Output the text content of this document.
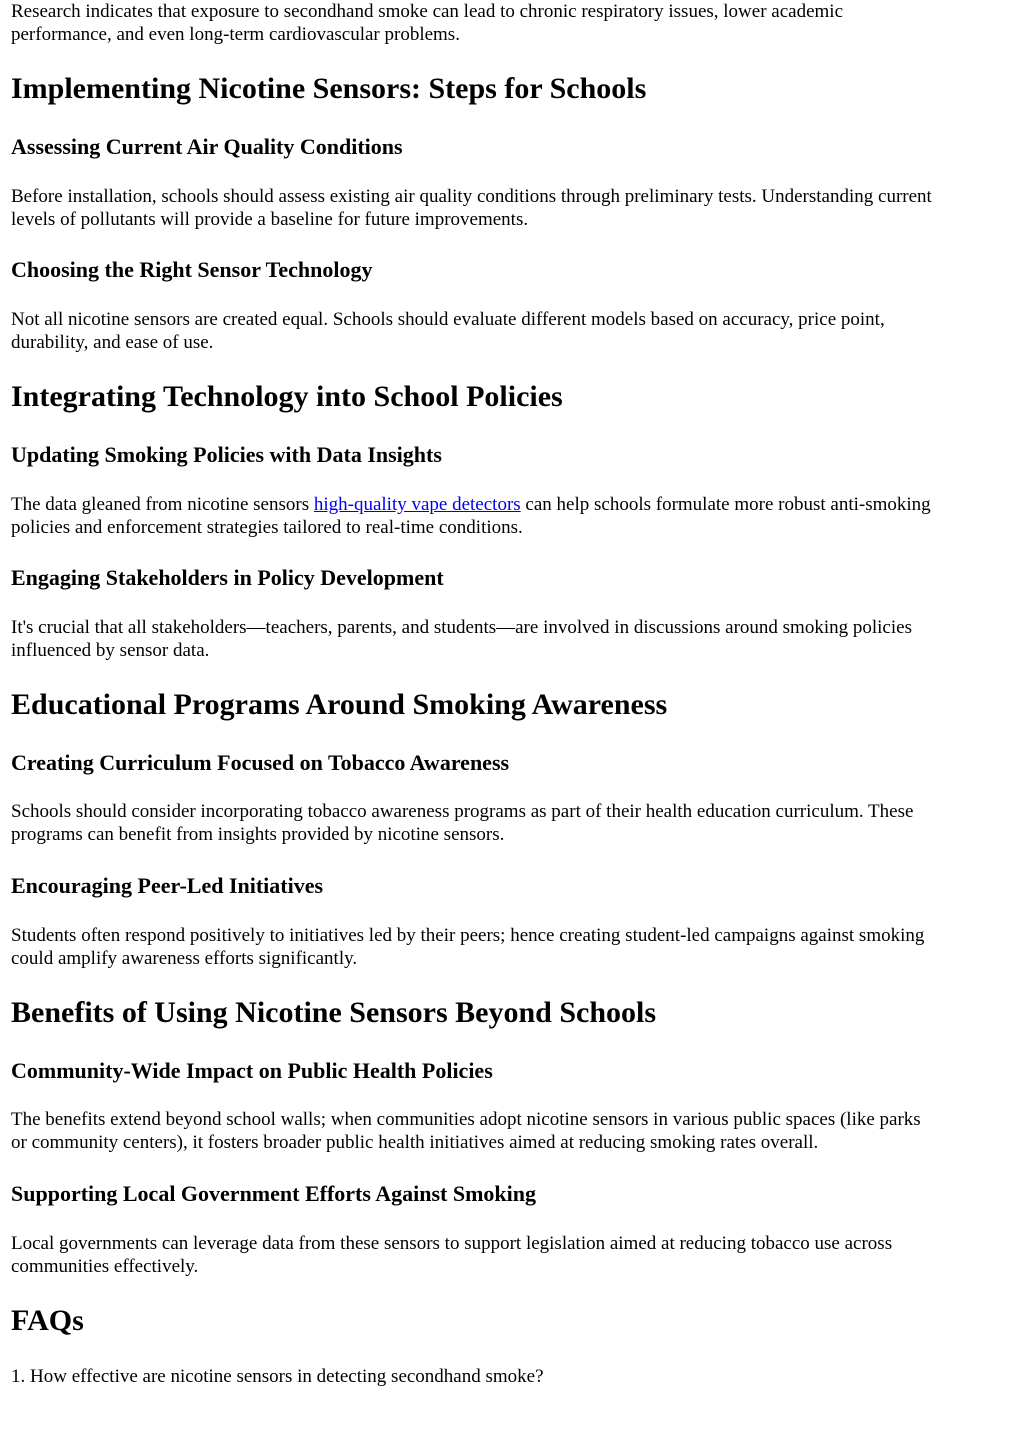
Research indicates that exposure to secondhand smoke can lead to chronic respiratory issues, lower academic
performance, and even long-term cardiovascular problems.

Implementing Nicotine Sensors: Steps for Schools
Assessing Current Air Quality Conditions

Before installation, schools should assess existing air quality conditions through preliminary tests. Understanding current
levels of pollutants will provide a baseline for future improvements.

Choosing the Right Sensor Technology

Not all nicotine sensors are created equal. Schools should evaluate different models based on accuracy, price point,
durability, and ease of use.

Integrating Technology into School Policies
Updating Smoking Policies with Data Insights

The data gleaned from nicotine sensors high-quality vape detectors can help schools formulate more robust anti-smoking
policies and enforcement strategies tailored to real-time conditions.

Engaging Stakeholders in Policy Development

It's crucial that all stakeholders—teachers, parents, and students—are involved in discussions around smoking policies
influenced by sensor data.

Educational Programs Around Smoking Awareness
Creating Curriculum Focused on Tobacco Awareness

Schools should consider incorporating tobacco awareness programs as part of their health education curriculum. These
programs can benefit from insights provided by nicotine sensors.

Encouraging Peer-Led Initiatives

Students often respond positively to initiatives led by their peers; hence creating student-led campaigns against smoking
could amplify awareness efforts significantly.

Benefits of Using Nicotine Sensors Beyond Schools
Community-Wide Impact on Public Health Policies

The benefits extend beyond school walls; when communities adopt nicotine sensors in various public spaces (like parks
or community centers), it fosters broader public health initiatives aimed at reducing smoking rates overall.

Supporting Local Government Efforts Against Smoking

Local governments can leverage data from these sensors to support legislation aimed at reducing tobacco use across
communities effectively.

FAQs

1. How effective are nicotine sensors in detecting secondhand smoke?
